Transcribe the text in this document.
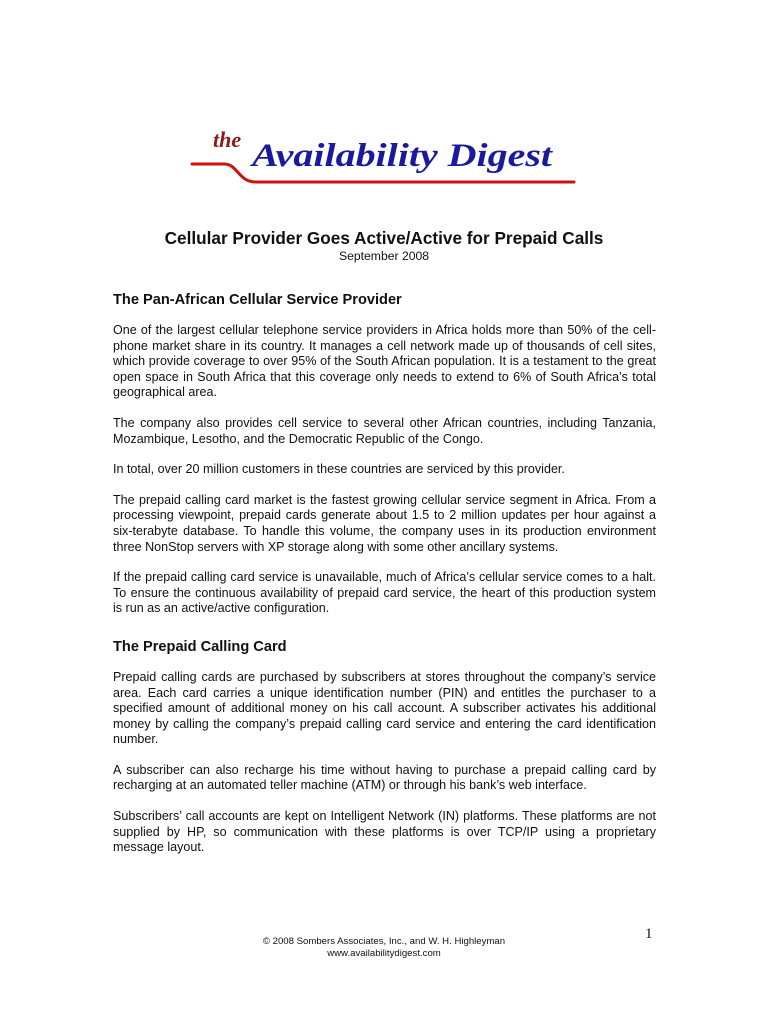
the Availability Digest
Cellular Provider Goes Active/Active for Prepaid Calls
September 2008
The Pan-African Cellular Service Provider

One of the largest cellular telephone service providers in Africa holds more than 50% of the cell-phone market share in its country. It manages a cell network made up of thousands of cell sites, which provide coverage to over 95% of the South African population. It is a testament to the great open space in South Africa that this coverage only needs to extend to 6% of South Africa’s total geographical area.

The company also provides cell service to several other African countries, including Tanzania, Mozambique, Lesotho, and the Democratic Republic of the Congo.

In total, over 20 million customers in these countries are serviced by this provider.

The prepaid calling card market is the fastest growing cellular service segment in Africa. From a processing viewpoint, prepaid cards generate about 1.5 to 2 million updates per hour against a six-terabyte database. To handle this volume, the company uses in its production environment three NonStop servers with XP storage along with some other ancillary systems.

If the prepaid calling card service is unavailable, much of Africa’s cellular service comes to a halt. To ensure the continuous availability of prepaid card service, the heart of this production system is run as an active/active configuration.

The Prepaid Calling Card

Prepaid calling cards are purchased by subscribers at stores throughout the company’s service area. Each card carries a unique identification number (PIN) and entitles the purchaser to a specified amount of additional money on his call account. A subscriber activates his additional money by calling the company’s prepaid calling card service and entering the card identification number.

A subscriber can also recharge his time without having to purchase a prepaid calling card by recharging at an automated teller machine (ATM) or through his bank’s web interface.

Subscribers’ call accounts are kept on Intelligent Network (IN) platforms. These platforms are not supplied by HP, so communication with these platforms is over TCP/IP using a proprietary message layout.

1
© 2008 Sombers Associates, Inc., and W. H. Highleyman
www.availabilitydigest.com
